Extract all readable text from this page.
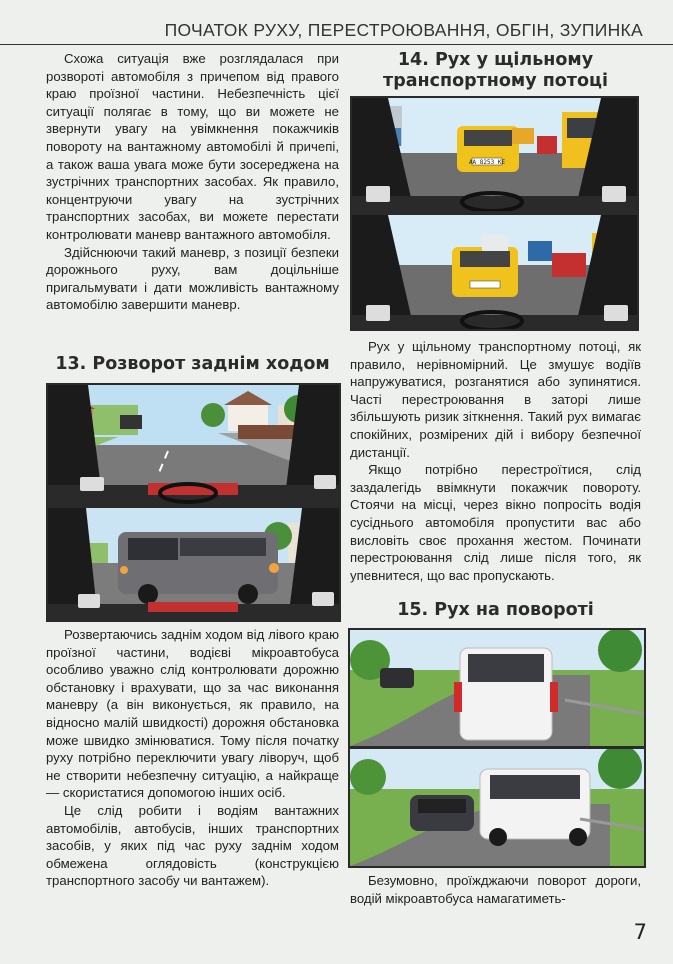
ПОЧАТОК РУХУ, ПЕРЕСТРОЮВАННЯ, ОБГІН, ЗУПИНКА

Схожа ситуація вже розглядалася при розвороті автомобіля з причепом від правого краю проїзної частини. Небезпечність цієї ситуації полягає в тому, що ви можете не звернути увагу на увімкнення покажчиків повороту на вантажному автомобілі й причепі, а також ваша увага може бути зосереджена на зустрічних транспортних засобах. Як правило, концентруючи увагу на зустрічних транспортних засобах, ви можете перестати контролювати маневр вантажного автомобіля.

Здійснюючи такий маневр, з позиції безпеки дорожнього руху, вам доцільніше пригальмувати і дати можливість вантажному автомобілю завершити маневр.

13. Розворот заднім ходом

Розвертаючись заднім ходом від лівого краю проїзної частини, водієві мікроавтобуса особливо уважно слід контролювати дорожню обстановку і врахувати, що за час виконання маневру (а він виконується, як правило, на відносно малій швидкості) дорожня обстановка може швидко змінюватися. Тому після початку руху потрібно переключити увагу ліворуч, щоб не створити небезпечну ситуацію, а найкраще — скористатися допомогою інших осіб.

Це слід робити і водіям вантажних автомобілів, автобусів, інших транспортних засобів, у яких під час руху заднім ходом обмежена оглядовість (конструкцією транспортного засобу чи вантажем).

14. Рух у щільному
транспортному потоці
AA 8253 KE

Рух у щільному транспортному потоці, як правило, нерівномірний. Це змушує водіїв напружуватися, розганятися або зупинятися. Часті перестроювання в заторі лише збільшують ризик зіткнення. Такий рух вимагає спокійних, розмірених дій і вибору безпечної дистанції.

Якщо потрібно перестроїтися, слід заздалегідь ввімкнути покажчик повороту. Стоячи на місці, через вікно попросіть водія сусіднього автомобіля пропустити вас або висловіть своє прохання жестом. Починати перестроювання слід лише після того, як упевнитеся, що вас пропускають.

15. Рух на повороті

Безумовно, проїжджаючи поворот дороги, водій мікроавтобуса намагатиметь-

7
